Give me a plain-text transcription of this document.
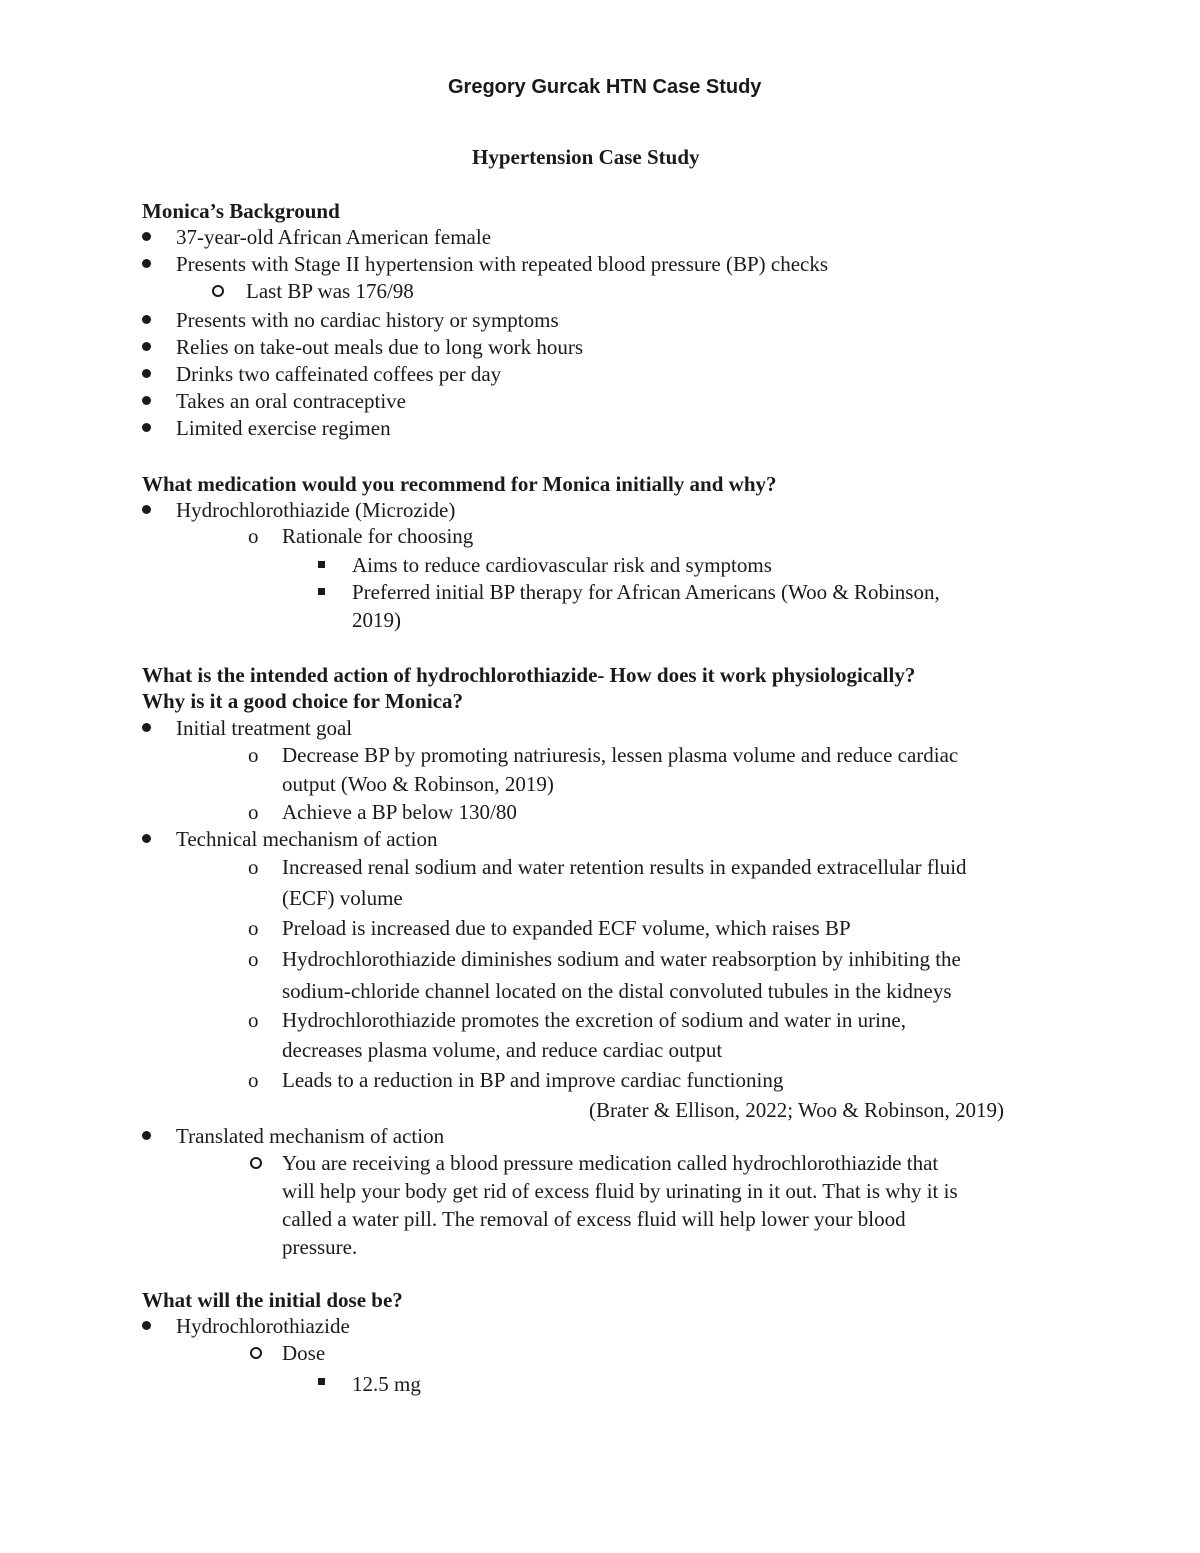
Gregory Gurcak HTN Case Study
Hypertension Case Study
Monica’s Background
37-year-old African American female
Presents with Stage II hypertension with repeated blood pressure (BP) checks
Last BP was 176/98
Presents with no cardiac history or symptoms
Relies on take-out meals due to long work hours
Drinks two caffeinated coffees per day
Takes an oral contraceptive
Limited exercise regimen
What medication would you recommend for Monica initially and why?
Hydrochlorothiazide (Microzide)
o Rationale for choosing
Aims to reduce cardiovascular risk and symptoms
Preferred initial BP therapy for African Americans (Woo & Robinson,
2019)
What is the intended action of hydrochlorothiazide- How does it work physiologically?
Why is it a good choice for Monica?
Initial treatment goal
o Decrease BP by promoting natriuresis, lessen plasma volume and reduce cardiac
output (Woo & Robinson, 2019)
o Achieve a BP below 130/80
Technical mechanism of action
o Increased renal sodium and water retention results in expanded extracellular fluid
(ECF) volume
o Preload is increased due to expanded ECF volume, which raises BP
o Hydrochlorothiazide diminishes sodium and water reabsorption by inhibiting the
sodium-chloride channel located on the distal convoluted tubules in the kidneys
o Hydrochlorothiazide promotes the excretion of sodium and water in urine,
decreases plasma volume, and reduce cardiac output
o Leads to a reduction in BP and improve cardiac functioning
(Brater & Ellison, 2022; Woo & Robinson, 2019)
Translated mechanism of action
You are receiving a blood pressure medication called hydrochlorothiazide that
will help your body get rid of excess fluid by urinating in it out. That is why it is
called a water pill. The removal of excess fluid will help lower your blood
pressure.
What will the initial dose be?
Hydrochlorothiazide
Dose
12.5 mg
